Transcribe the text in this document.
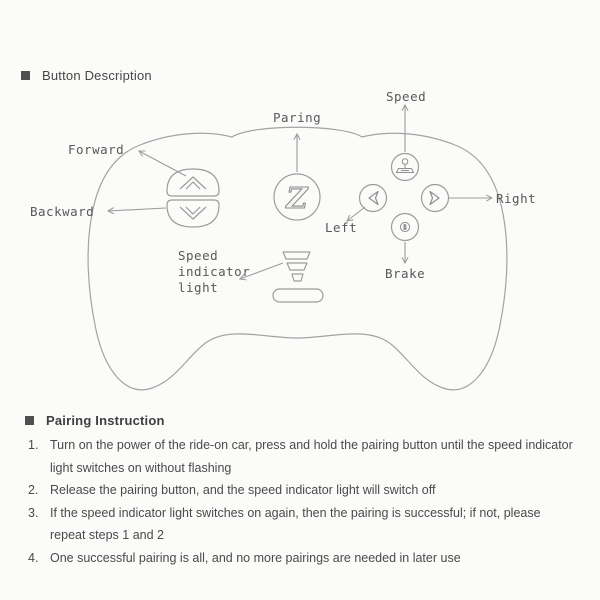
Button Description
Z
Paring
Speed
Forward
Backward
Right
Left
Brake
Speed
indicator
light
Pairing Instruction
1. Turn on the power of the ride-on car, press and hold the pairing button until the speed indicator light switches on without flashing
2. Release the pairing button, and the speed indicator light will switch off
3. If the speed indicator light switches on again, then the pairing is successful; if not, please repeat steps 1 and 2
4. One successful pairing is all, and no more pairings are needed in later use
